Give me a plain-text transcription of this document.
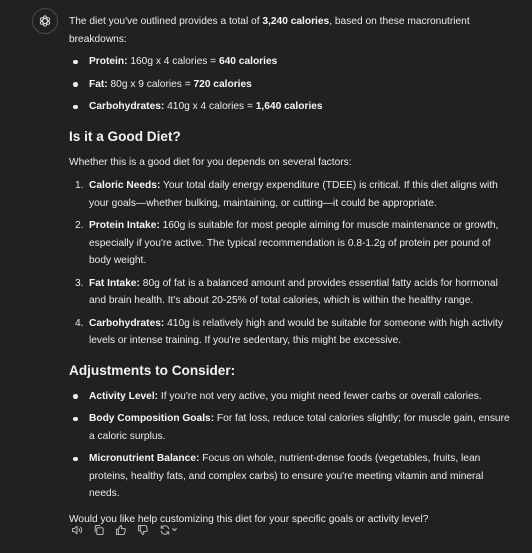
The diet you've outlined provides a total of 3,240 calories, based on these macronutrient breakdowns:

Protein: 160g x 4 calories = 640 calories
Fat: 80g x 9 calories = 720 calories
Carbohydrates: 410g x 4 calories = 1,640 calories
Is it a Good Diet?

Whether this is a good diet for you depends on several factors:

1. Caloric Needs: Your total daily energy expenditure (TDEE) is critical. If this diet aligns with your goals—whether bulking, maintaining, or cutting—it could be appropriate.
2. Protein Intake: 160g is suitable for most people aiming for muscle maintenance or growth, especially if you're active. The typical recommendation is 0.8-1.2g of protein per pound of body weight.
3. Fat Intake: 80g of fat is a balanced amount and provides essential fatty acids for hormonal and brain health. It's about 20-25% of total calories, which is within the healthy range.
4. Carbohydrates: 410g is relatively high and would be suitable for someone with high activity levels or intense training. If you're sedentary, this might be excessive.
Adjustments to Consider:
Activity Level: If you're not very active, you might need fewer carbs or overall calories.
Body Composition Goals: For fat loss, reduce total calories slightly; for muscle gain, ensure a caloric surplus.
Micronutrient Balance: Focus on whole, nutrient-dense foods (vegetables, fruits, lean proteins, healthy fats, and complex carbs) to ensure you're meeting vitamin and mineral needs.

Would you like help customizing this diet for your specific goals or activity level?
